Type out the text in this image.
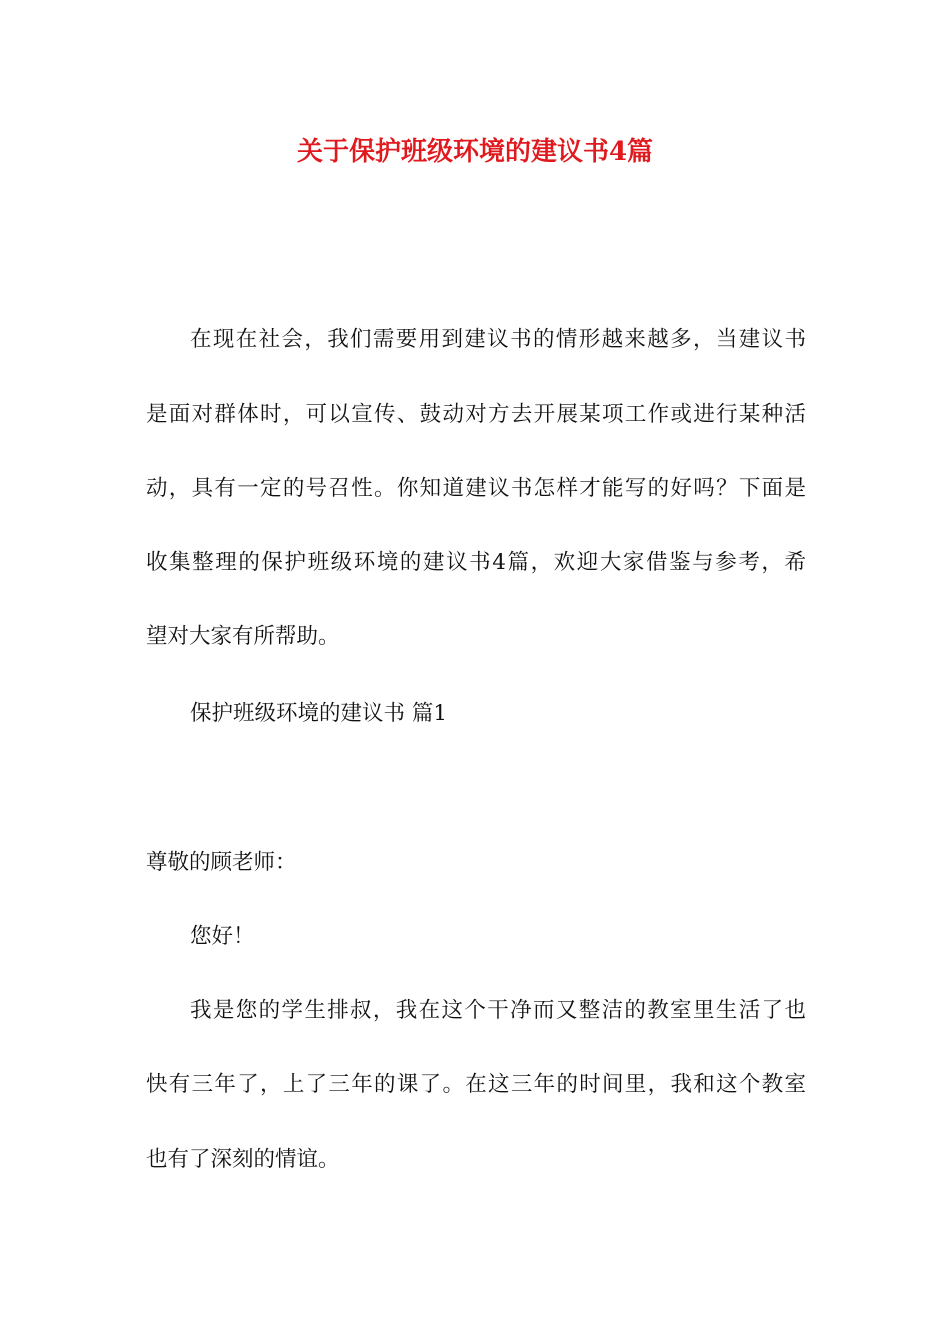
关于保护班级环境的建议书4篇
在现在社会，我们需要用到建议书的情形越来越多，当建议书
是面对群体时，可以宣传、鼓动对方去开展某项工作或进行某种活
动，具有一定的号召性。你知道建议书怎样才能写的好吗？下面是
收集整理的保护班级环境的建议书4篇，欢迎大家借鉴与参考，希
望对大家有所帮助。
保护班级环境的建议书 篇1
尊敬的顾老师：
您好！
我是您的学生排叔，我在这个干净而又整洁的教室里生活了也
快有三年了，上了三年的课了。在这三年的时间里，我和这个教室
也有了深刻的情谊。
